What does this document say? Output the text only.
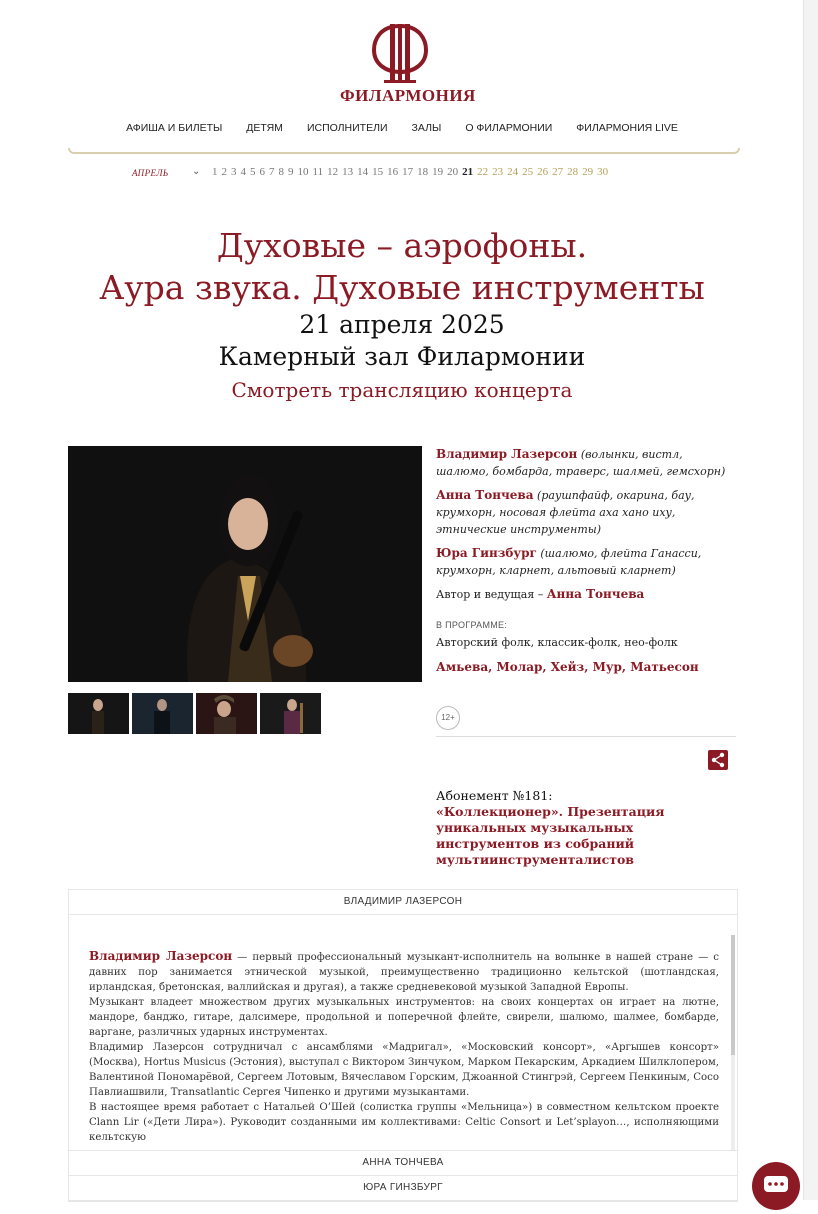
ФИЛАРМОНИЯ
АФИША И БИЛЕТЫ ДЕТЯМ ИСПОЛНИТЕЛИ ЗАЛЫ О ФИЛАРМОНИИ ФИЛАРМОНИЯ LIVE
АПРЕЛЬ ⌄ 1 2 3 4 5 6 7 8 9 10 11 12 13 14 15 16 17 18 19 20 21 22 23 24 25 26 27 28 29 30
Духовые – аэрофоны.
Аура звука. Духовые инструменты
21 апреля 2025
Камерный зал Филармонии
Смотреть трансляцию концерта

Владимир Лазерсон (волынки, вистл, шалюмо, бомбарда, траверс, шалмей, гемсхорн)

Анна Тончева (раушпфайф, окарина, бау, крумхорн, носовая флейта аха хано иху, этнические инструменты)

Юра Гинзбург (шалюмо, флейта Ганасси, крумхорн, кларнет, альтовый кларнет)

Автор и ведущая – Анна Тончева

В ПРОГРАММЕ:
Авторский фолк, классик-фолк, нео-фолк
Амьева, Молар, Хейз, Мур, Матьесон
12+
Абонемент №181:
«Коллекционер». Презентация уникальных музыкальных инструментов из собраний мультиинструменталистов
ВЛАДИМИР ЛАЗЕРСОН

Владимир Лазерсон — первый профессиональный музыкант-исполнитель на волынке в нашей стране — с давних пор занимается этнической музыкой, преимущественно традиционно кельтской (шотландская, ирландская, бретонская, валлийская и другая), а также средневековой музыкой Западной Европы.

Музыкант владеет множеством других музыкальных инструментов: на своих концертах он играет на лютне, мандоре, банджо, гитаре, далсимере, продольной и поперечной флейте, свирели, шалюмо, шалмее, бомбарде, варгане, различных ударных инструментах.

Владимир Лазерсон сотрудничал с ансамблями «Мадригал», «Московский консорт», «Аргышев консорт» (Москва), Hortus Musicus (Эстония), выступал с Виктором Зинчуком, Марком Пекарским, Аркадием Шилклопером, Валентиной Пономарёвой, Сергеем Лотовым, Вячеславом Горским, Джоанной Стингрэй, Сергеем Пенкиным, Сосо Павлиашвили, Transatlantic Сергея Чипенко и другими музыкантами.

В настоящее время работает с Натальей О’Шей (солистка группы «Мельница») в совместном кельтском проекте Clann Lir («Дети Лира»). Руководит созданными им коллективами: Celtic Consort и Let’splayon…, исполняющими кельтскую

АННА ТОНЧЕВА
ЮРА ГИНЗБУРГ
